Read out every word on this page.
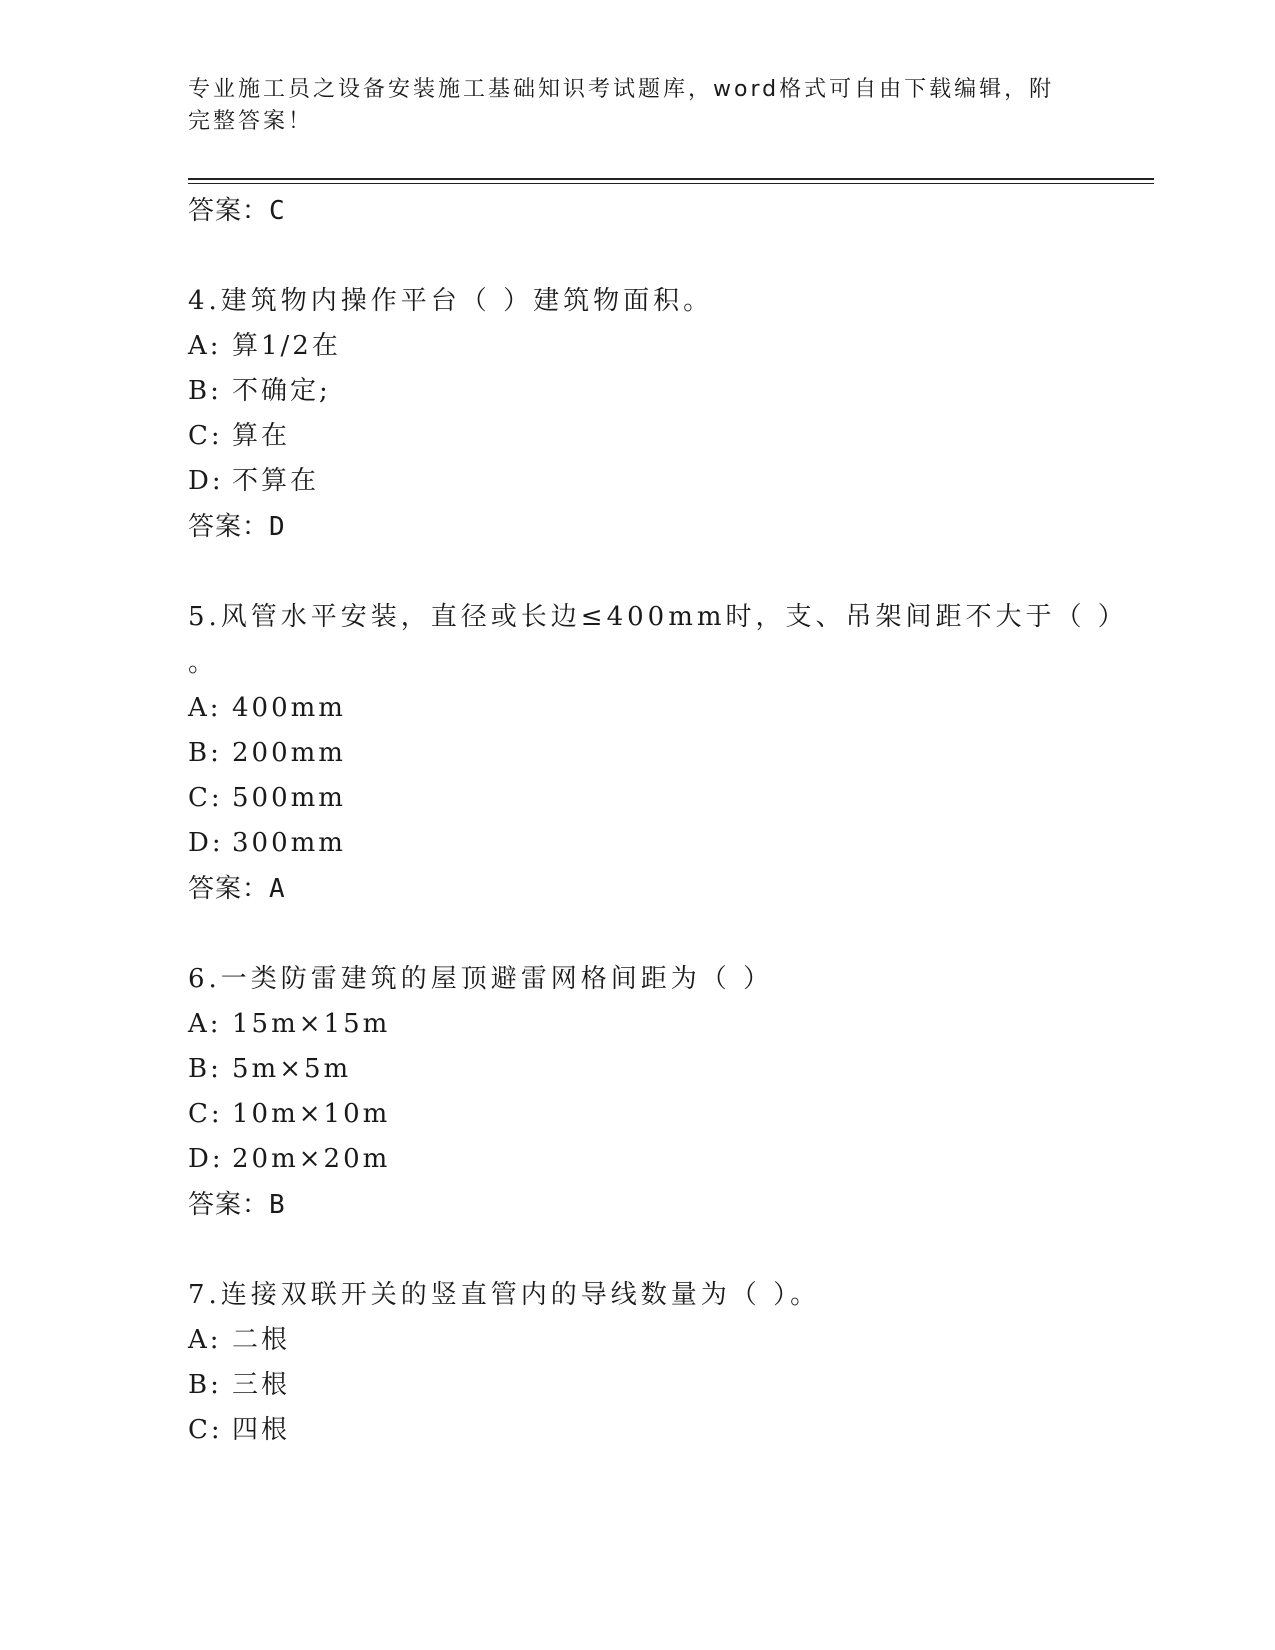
专业施工员之设备安装施工基础知识考试题库，word格式可自由下载编辑，附完整答案！
答案：C
4.建筑物内操作平台（ ）建筑物面积。
A: 算1/2在
B: 不确定;
C: 算在
D: 不算在
答案：D
5.风管水平安装，直径或长边≤400mm时，支、吊架间距不大于（ ）
。
A: 400mm
B: 200mm
C: 500mm
D: 300mm
答案：A
6.一类防雷建筑的屋顶避雷网格间距为（ ）
A: 15m×15m
B: 5m×5m
C: 10m×10m
D: 20m×20m
答案：B
7.连接双联开关的竖直管内的导线数量为（ ）。
A: 二根
B: 三根
C: 四根
